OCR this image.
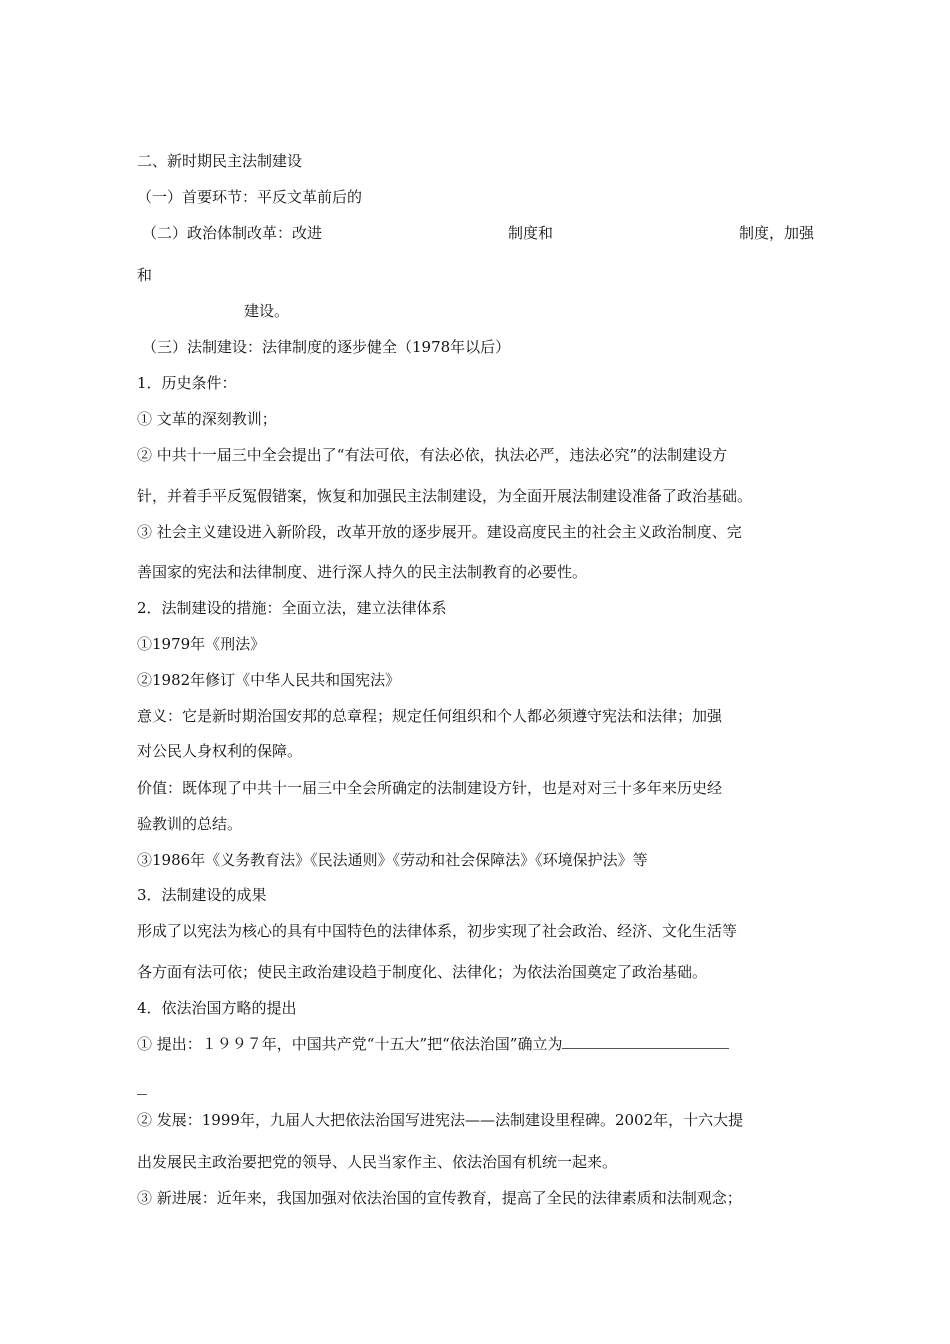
二、新时期民主法制建设
（一）首要环节：平反文革前后的
（二）政治体制改革：改进	制度和	制度，加强
和
建设。
（三）法制建设：法律制度的逐步健全（1978年以后）
1．历史条件：
① 文革的深刻教训；
② 中共十一届三中全会提出了“有法可依，有法必依，执法必严，违法必究”的法制建设方
针，并着手平反冤假错案，恢复和加强民主法制建设，为全面开展法制建设准备了政治基础。
③ 社会主义建设进入新阶段，改革开放的逐步展开。建设高度民主的社会主义政治制度、完
善国家的宪法和法律制度、进行深人持久的民主法制教育的必要性。
2．法制建设的措施：全面立法，建立法律体系
①1979年《刑法》
②1982年修订《中华人民共和国宪法》
意义：它是新时期治国安邦的总章程；规定任何组织和个人都必须遵守宪法和法律；加强
对公民人身权利的保障。
价值：既体现了中共十一届三中全会所确定的法制建设方针，也是对对三十多年来历史经
验教训的总结。
③1986年《义务教育法》《民法通则》《劳动和社会保障法》《环境保护法》等
3．法制建设的成果
形成了以宪法为核心的具有中国特色的法律体系，初步实现了社会政治、经济、文化生活等
各方面有法可依；使民主政治建设趋于制度化、法律化；为依法治国奠定了政治基础。
4．依法治国方略的提出
① 提出：１９９７年，中国共产党“十五大”把“依法治国”确立为
② 发展：1999年，九届人大把依法治国写进宪法——法制建设里程碑。2002年，十六大提
出发展民主政治要把党的领导、人民当家作主、依法治国有机统一起来。
③ 新进展：近年来，我国加强对依法治国的宣传教育，提高了全民的法律素质和法制观念；
